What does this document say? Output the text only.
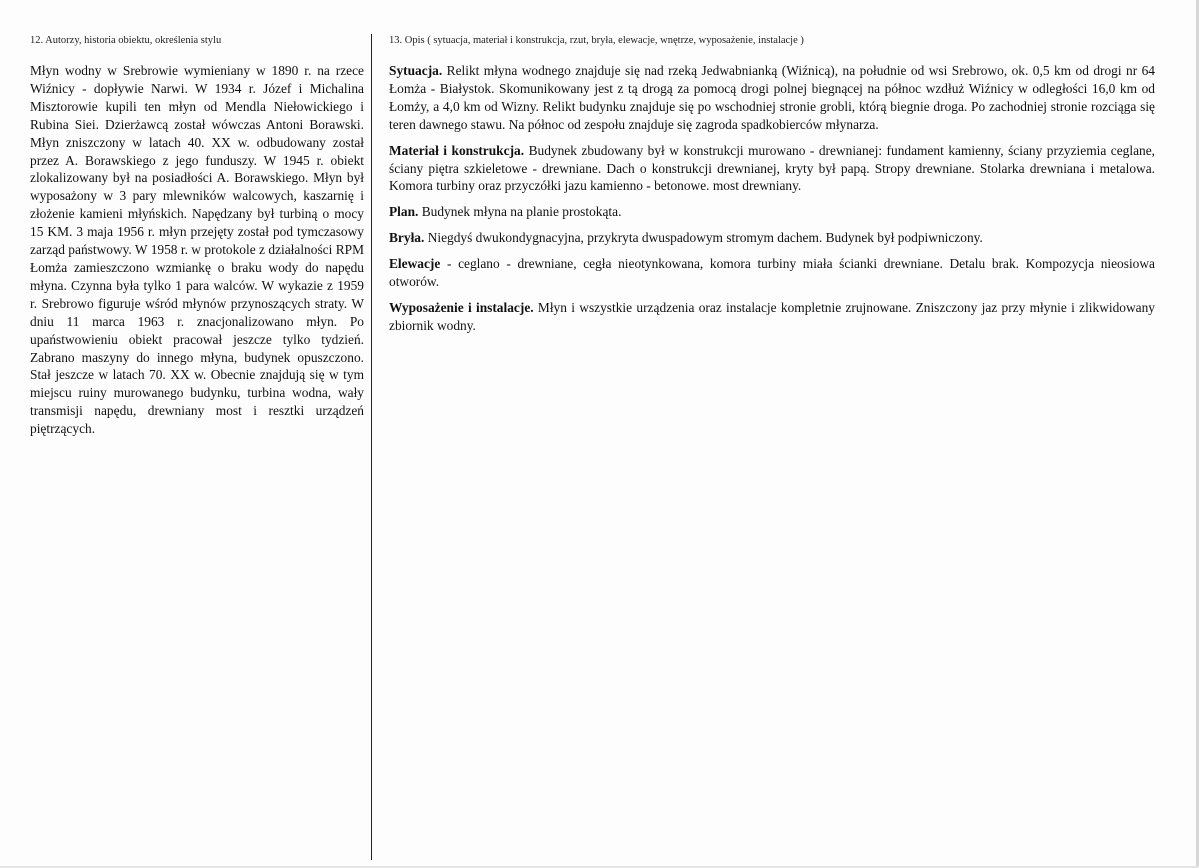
12. Autorzy, historia obiektu, określenia stylu

Młyn wodny w Srebrowie wymieniany w 1890 r. na rzece Wiźnicy - dopływie Narwi. W 1934 r. Józef i Michalina Misztorowie kupili ten młyn od Mendla Niełowickiego i Rubina Siei. Dzierżawcą został wówczas Antoni Borawski. Młyn zniszczony w latach 40. XX w. odbudowany został przez A. Borawskiego z jego funduszy. W 1945 r. obiekt zlokalizowany był na posiadłości A. Borawskiego. Młyn był wyposażony w 3 pary mlewników walcowych, kaszarnię i złożenie kamieni młyńskich. Napędzany był turbiną o mocy 15 KM. 3 maja 1956 r. młyn przejęty został pod tymczasowy zarząd państwowy. W 1958 r. w protokole z działalności RPM Łomża zamieszczono wzmiankę o braku wody do napędu młyna. Czynna była tylko 1 para walców. W wykazie z 1959 r. Srebrowo figuruje wśród młynów przynoszących straty. W dniu 11 marca 1963 r. znacjonalizowano młyn. Po upaństwowieniu obiekt pracował jeszcze tylko tydzień. Zabrano maszyny do innego młyna, budynek opuszczono. Stał jeszcze w latach 70. XX w. Obecnie znajdują się w tym miejscu ruiny murowanego budynku, turbina wodna, wały transmisji napędu, drewniany most i resztki urządzeń piętrzących.

13. Opis ( sytuacja, materiał i konstrukcja, rzut, bryła, elewacje, wnętrze, wyposażenie, instalacje )

Sytuacja. Relikt młyna wodnego znajduje się nad rzeką Jedwabnianką (Wiźnicą), na południe od wsi Srebrowo, ok. 0,5 km od drogi nr 64 Łomża - Białystok. Skomunikowany jest z tą drogą za pomocą drogi polnej biegnącej na północ wzdłuż Wiźnicy w odległości 16,0 km od Łomży, a 4,0 km od Wizny. Relikt budynku znajduje się po wschodniej stronie grobli, którą biegnie droga. Po zachodniej stronie rozciąga się teren dawnego stawu. Na północ od zespołu znajduje się zagroda spadkobierców młynarza.

Materiał i konstrukcja. Budynek zbudowany był w konstrukcji murowano - drewnianej: fundament kamienny, ściany przyziemia ceglane, ściany piętra szkieletowe - drewniane. Dach o konstrukcji drewnianej, kryty był papą. Stropy drewniane. Stolarka drewniana i metalowa. Komora turbiny oraz przyczółki jazu kamienno - betonowe. most drewniany.

Plan. Budynek młyna na planie prostokąta.

Bryła. Niegdyś dwukondygnacyjna, przykryta dwuspadowym stromym dachem. Budynek był podpiwniczony.

Elewacje - ceglano - drewniane, cegła nieotynkowana, komora turbiny miała ścianki drewniane. Detalu brak. Kompozycja nieosiowa otworów.

Wyposażenie i instalacje. Młyn i wszystkie urządzenia oraz instalacje kompletnie zrujnowane. Zniszczony jaz przy młynie i zlikwidowany zbiornik wodny.
